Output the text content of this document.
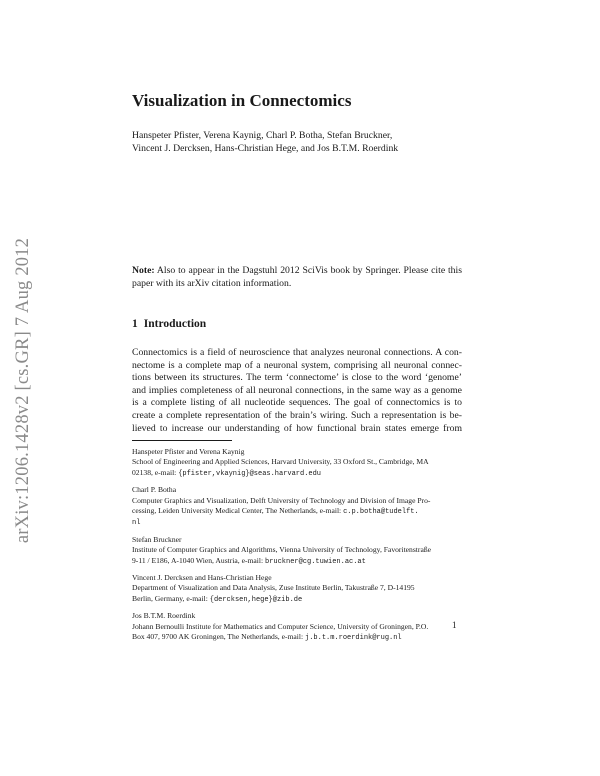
arXiv:1206.1428v2 [cs.GR] 7 Aug 2012
Visualization in Connectomics
Hanspeter Pfister, Verena Kaynig, Charl P. Botha, Stefan Bruckner,
Vincent J. Dercksen, Hans-Christian Hege, and Jos B.T.M. Roerdink
Note: Also to appear in the Dagstuhl 2012 SciVis book by Springer. Please cite this paper with its arXiv citation information.
1 Introduction
Connectomics is a field of neuroscience that analyzes neuronal connections. A con-
nectome is a complete map of a neuronal system, comprising all neuronal connec-
tions between its structures. The term ‘connectome’ is close to the word ‘genome’
and implies completeness of all neuronal connections, in the same way as a genome
is a complete listing of all nucleotide sequences. The goal of connectomics is to
create a complete representation of the brain’s wiring. Such a representation is be-
lieved to increase our understanding of how functional brain states emerge from
Hanspeter Pfister and Verena Kaynig
School of Engineering and Applied Sciences, Harvard University, 33 Oxford St., Cambridge, MA
02138, e-mail: {pfister,vkaynig}@seas.harvard.edu
Charl P. Botha
Computer Graphics and Visualization, Delft University of Technology and Division of Image Pro-
cessing, Leiden University Medical Center, The Netherlands, e-mail: c.p.botha@tudelft.
nl
Stefan Bruckner
Institute of Computer Graphics and Algorithms, Vienna University of Technology, Favoritenstraße
9-11 / E186, A-1040 Wien, Austria, e-mail: bruckner@cg.tuwien.ac.at
Vincent J. Dercksen and Hans-Christian Hege
Department of Visualization and Data Analysis, Zuse Institute Berlin, Takustraße 7, D-14195
Berlin, Germany, e-mail: {dercksen,hege}@zib.de
Jos B.T.M. Roerdink
Johann Bernoulli Institute for Mathematics and Computer Science, University of Groningen, P.O.
Box 407, 9700 AK Groningen, The Netherlands, e-mail: j.b.t.m.roerdink@rug.nl
1
